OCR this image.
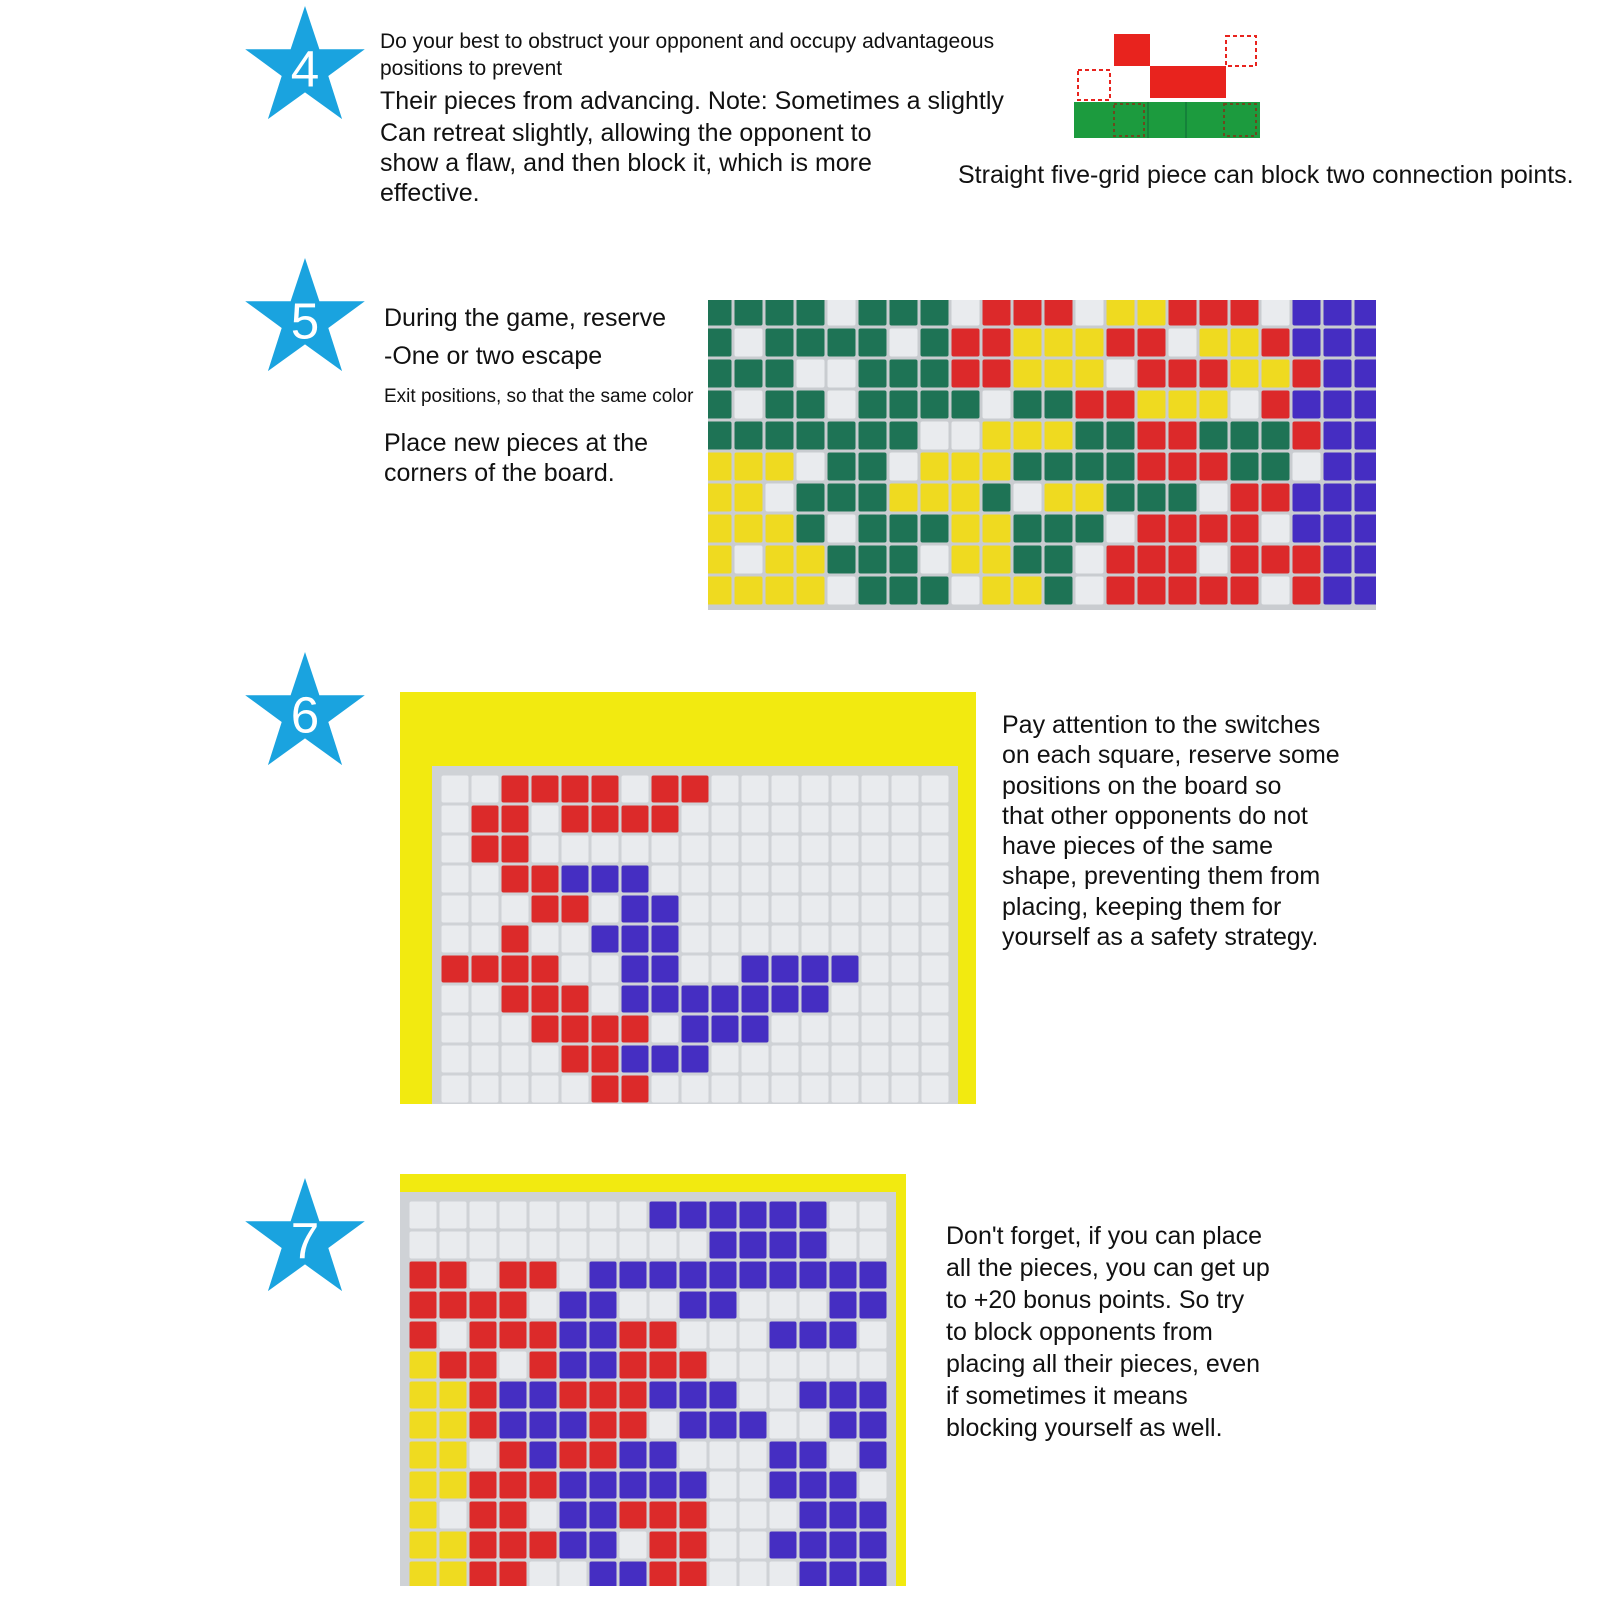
4	Do your best to obstruct your opponent and occupy advantageous
positions to prevent
Their pieces from advancing. Note: Sometimes a slightly
Can retreat slightly, allowing the opponent to
show a flaw, and then block it, which is more
effective.
Straight five-grid piece can block two connection points.
5	During the game, reserve
-One or two escape
Exit positions, so that the same color
Place new pieces at the
corners of the board.
6	Pay attention to the switches
on each square, reserve some
positions on the board so
that other opponents do not
have pieces of the same
shape, preventing them from
placing, keeping them for
yourself as a safety strategy.
7	Don't forget, if you can place
all the pieces, you can get up
to +20 bonus points. So try
to block opponents from
placing all their pieces, even
if sometimes it means
blocking yourself as well.
